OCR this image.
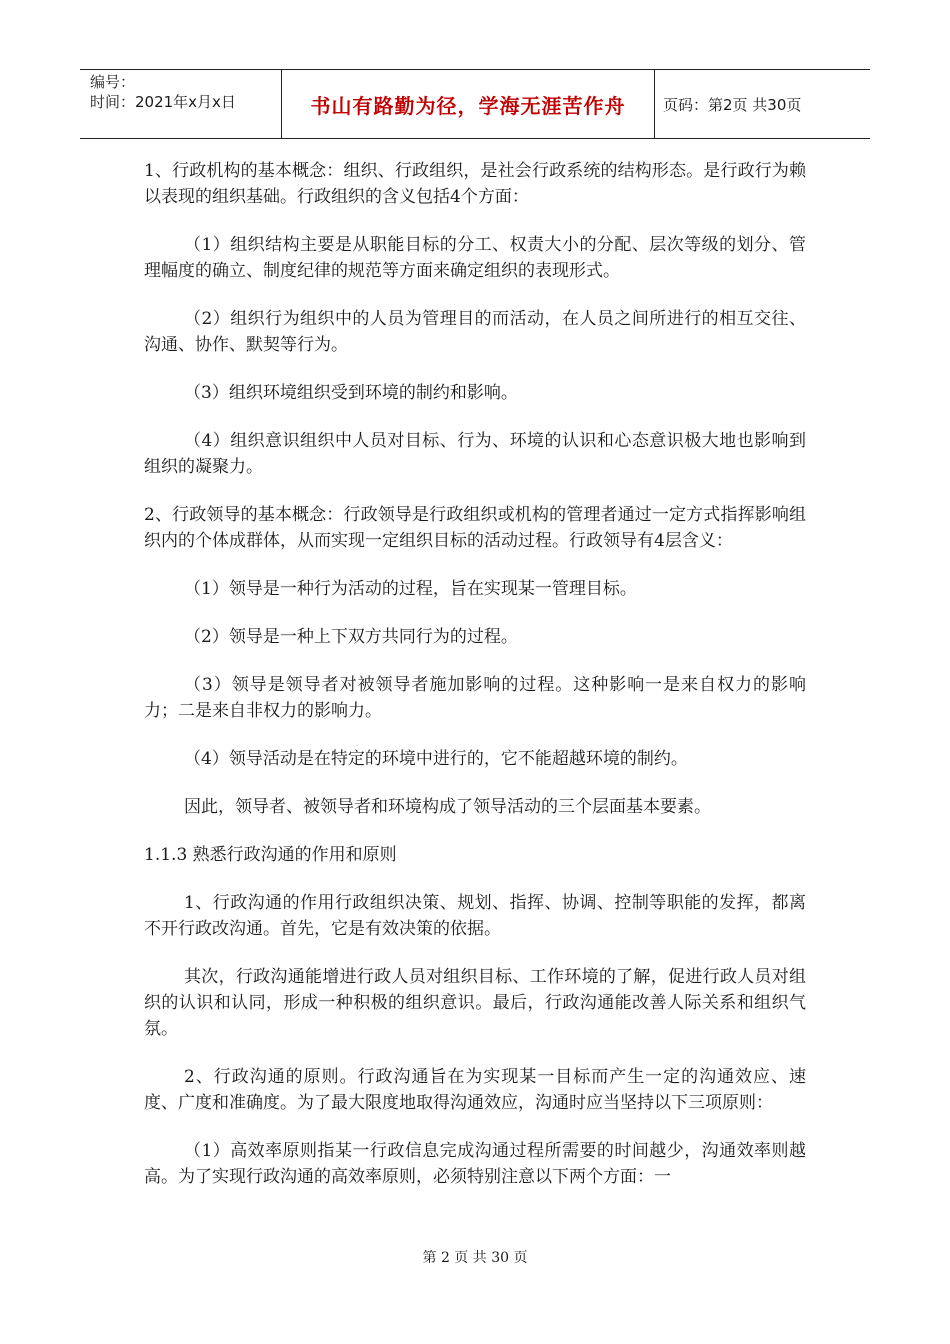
编号：
时间：2021年x月x日	书山有路勤为径，学海无涯苦作舟	页码：第2页 共30页

1、行政机构的基本概念：组织、行政组织，是社会行政系统的结构形态。是行政行为赖以表现的组织基础。行政组织的含义包括4个方面：

（1）组织结构主要是从职能目标的分工、权责大小的分配、层次等级的划分、管理幅度的确立、制度纪律的规范等方面来确定组织的表现形式。

（2）组织行为组织中的人员为管理目的而活动，在人员之间所进行的相互交往、沟通、协作、默契等行为。

（3）组织环境组织受到环境的制约和影响。

（4）组织意识组织中人员对目标、行为、环境的认识和心态意识极大地也影响到组织的凝聚力。

2、行政领导的基本概念：行政领导是行政组织或机构的管理者通过一定方式指挥影响组织内的个体成群体，从而实现一定组织目标的活动过程。行政领导有4层含义：

（1）领导是一种行为活动的过程，旨在实现某一管理目标。

（2）领导是一种上下双方共同行为的过程。

（3）领导是领导者对被领导者施加影响的过程。这种影响一是来自权力的影响力；二是来自非权力的影响力。

（4）领导活动是在特定的环境中进行的，它不能超越环境的制约。

因此，领导者、被领导者和环境构成了领导活动的三个层面基本要素。

1.1.3 熟悉行政沟通的作用和原则

1、行政沟通的作用行政组织决策、规划、指挥、协调、控制等职能的发挥，都离不开行政改沟通。首先，它是有效决策的依据。

其次，行政沟通能增进行政人员对组织目标、工作环境的了解，促进行政人员对组织的认识和认同，形成一种积极的组织意识。最后，行政沟通能改善人际关系和组织气氛。

2、行政沟通的原则。行政沟通旨在为实现某一目标而产生一定的沟通效应、速度、广度和准确度。为了最大限度地取得沟通效应，沟通时应当坚持以下三项原则：

（1）高效率原则指某一行政信息完成沟通过程所需要的时间越少，沟通效率则越高。为了实现行政沟通的高效率原则，必须特别注意以下两个方面：一

第 2 页 共 30 页
